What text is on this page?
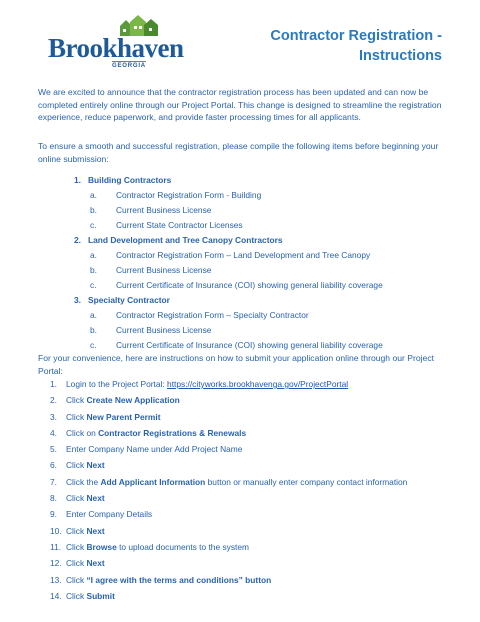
Brookhaven
GEORGIA
Contractor Registration -
Instructions
We are excited to announce that the contractor registration process has been updated and can now be completed entirely online through our Project Portal. This change is designed to streamline the registration experience, reduce paperwork, and provide faster processing times for all applicants.
To ensure a smooth and successful registration, please compile the following items before beginning your online submission:
1. Building Contractors
a. Contractor Registration Form - Building
b. Current Business License
c. Current State Contractor Licenses
2. Land Development and Tree Canopy Contractors
a. Contractor Registration Form – Land Development and Tree Canopy
b. Current Business License
c. Current Certificate of Insurance (COI) showing general liability coverage
3. Specialty Contractor
a. Contractor Registration Form – Specialty Contractor
b. Current Business License
c. Current Certificate of Insurance (COI) showing general liability coverage
For your convenience, here are instructions on how to submit your application online through our Project Portal:
1. Login to the Project Portal: https://cityworks.brookhavenga.gov/ProjectPortal
2. Click Create New Application
3. Click New Parent Permit
4. Click on Contractor Registrations & Renewals
5. Enter Company Name under Add Project Name
6. Click Next
7. Click the Add Applicant Information button or manually enter company contact information
8. Click Next
9. Enter Company Details
10. Click Next
11. Click Browse to upload documents to the system
12. Click Next
13. Click “I agree with the terms and conditions” button
14. Click Submit
